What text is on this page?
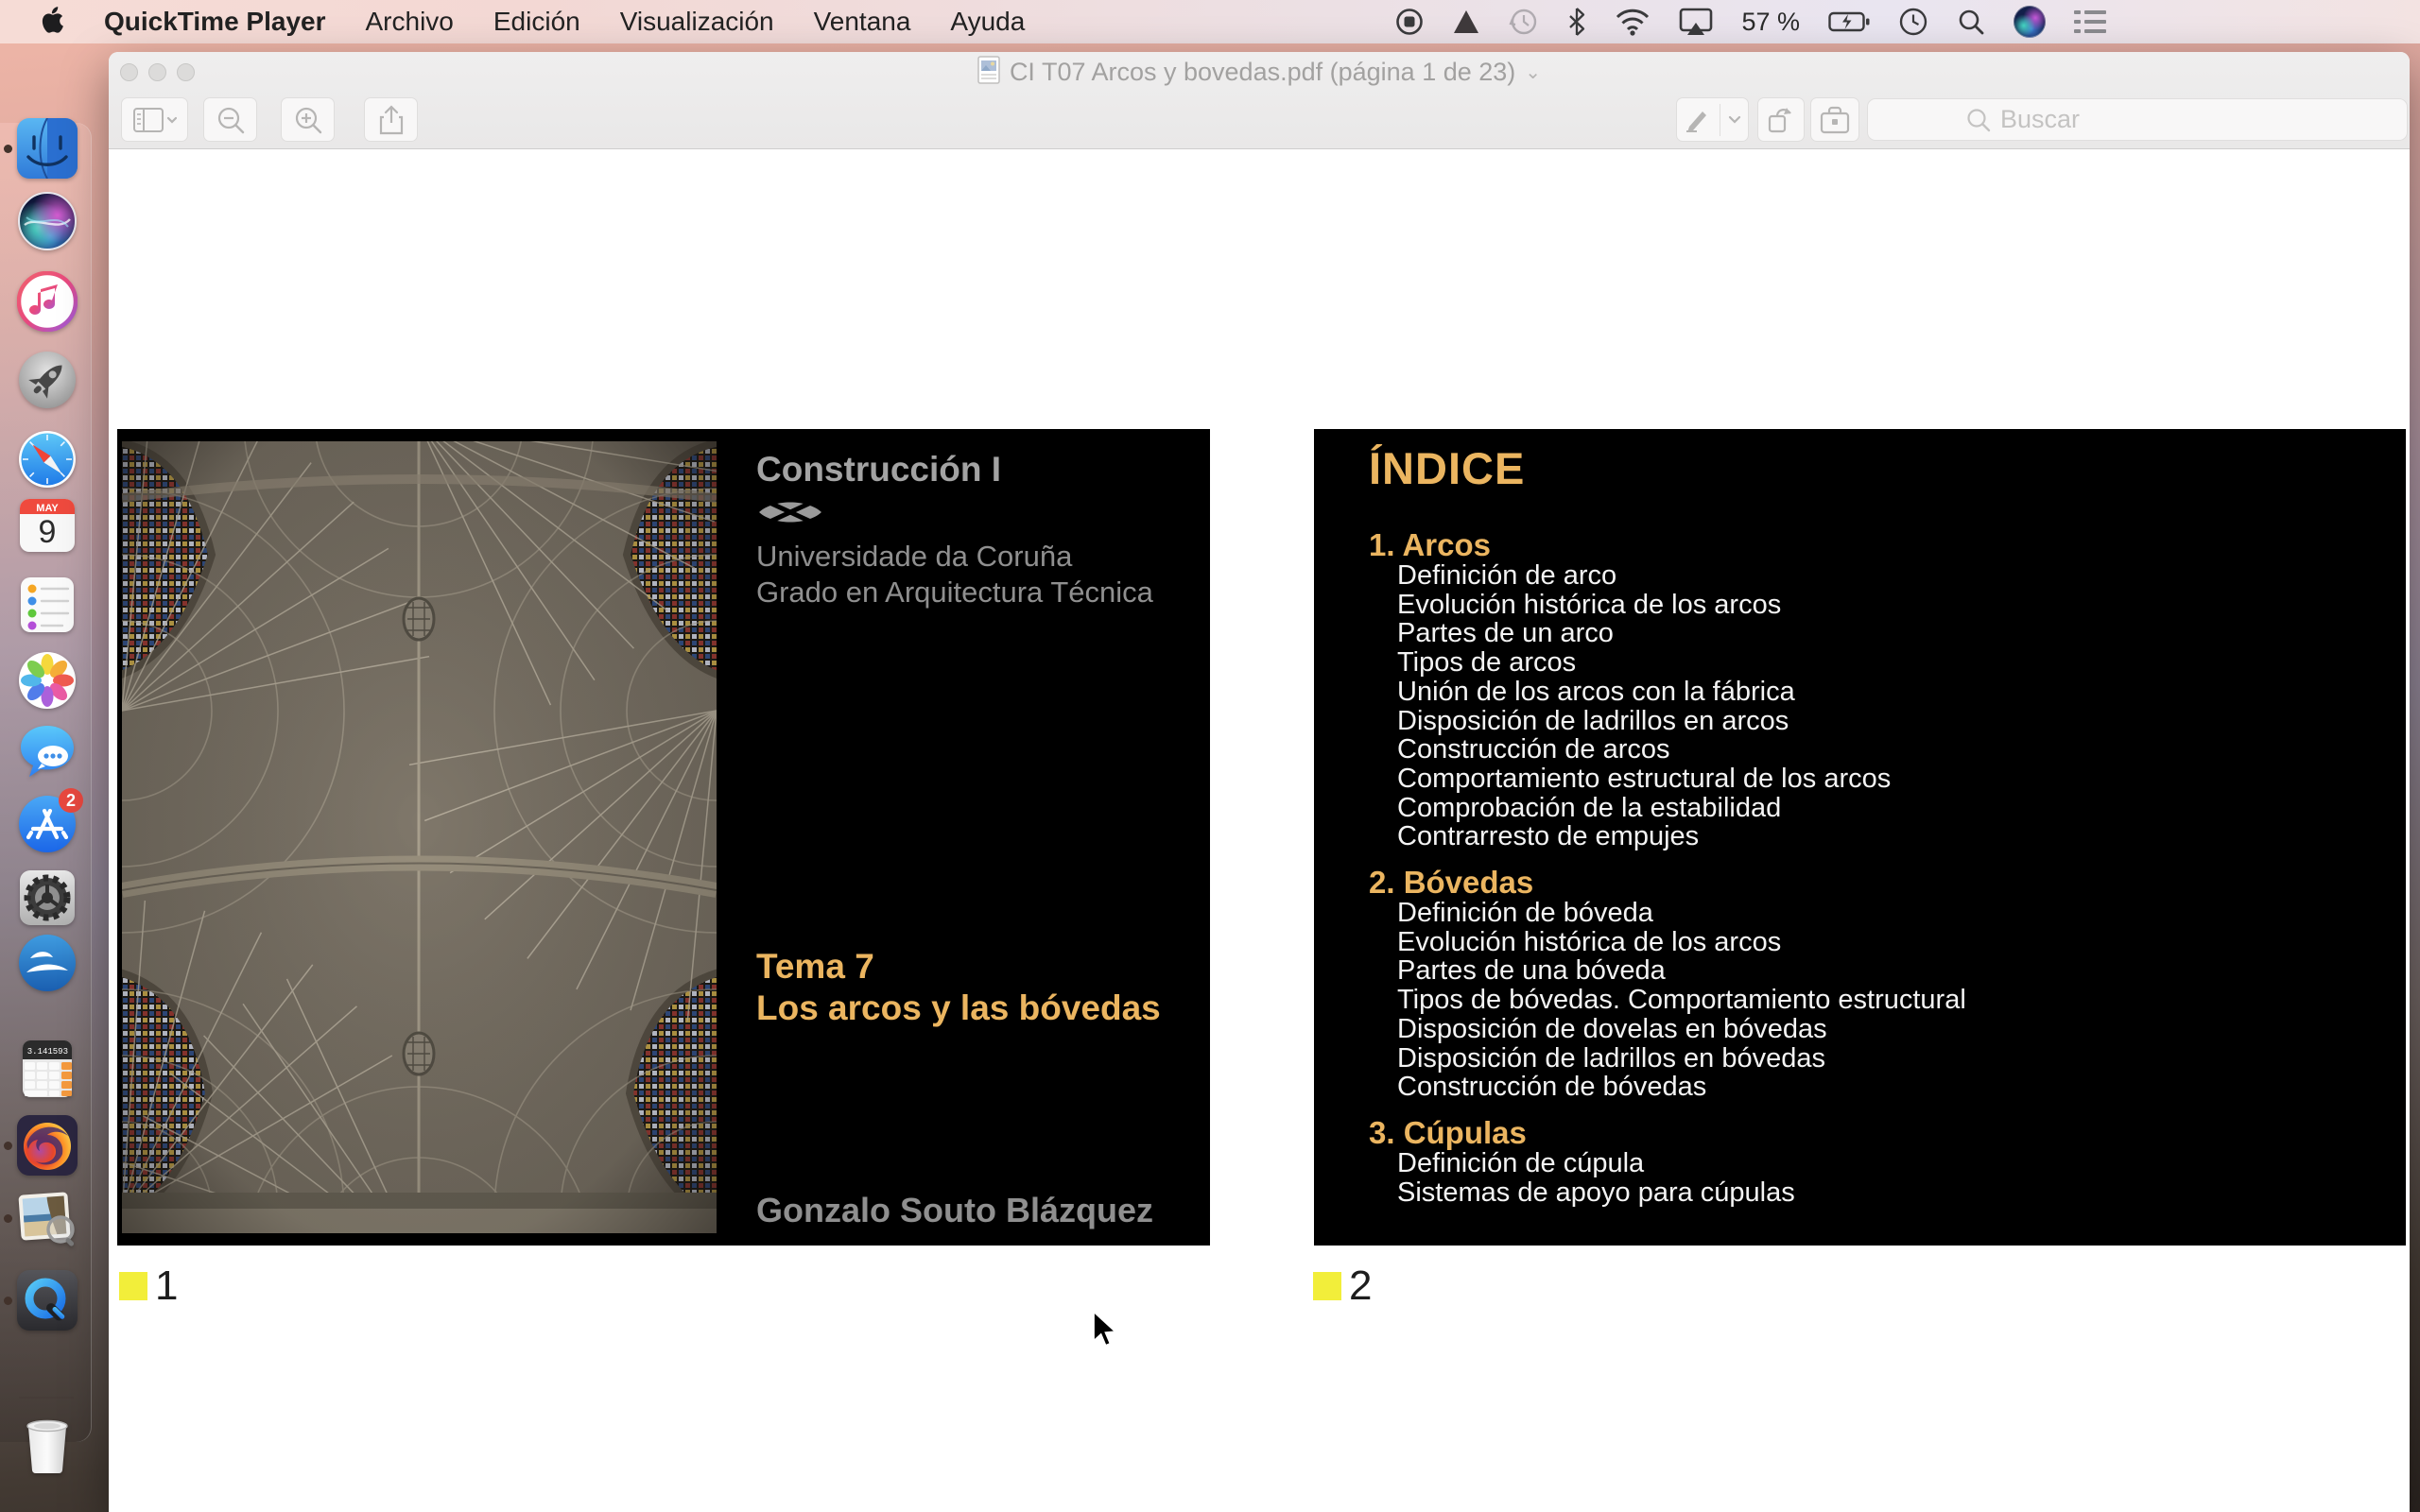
QuickTime Player Archivo Edición Visualización Ventana Ayuda	57 %
MAY
9
2
3.141593
CI T07 Arcos y bovedas.pdf (página 1 de 23) ⌄
Buscar
Construcción I
Universidade da Coruña
Grado en Arquitectura Técnica
Tema 7
Los arcos y las bóvedas
Gonzalo Souto Blázquez
ÍNDICE
1. Arcos
Definición de arco
Evolución histórica de los arcos
Partes de un arco
Tipos de arcos
Unión de los arcos con la fábrica
Disposición de ladrillos en arcos
Construcción de arcos
Comportamiento estructural de los arcos
Comprobación de la estabilidad
Contrarresto de empujes
2. Bóvedas
Definición de bóveda
Evolución histórica de los arcos
Partes de una bóveda
Tipos de bóvedas. Comportamiento estructural
Disposición de dovelas en bóvedas
Disposición de ladrillos en bóvedas
Construcción de bóvedas
3. Cúpulas
Definición de cúpula
Sistemas de apoyo para cúpulas
1	2
